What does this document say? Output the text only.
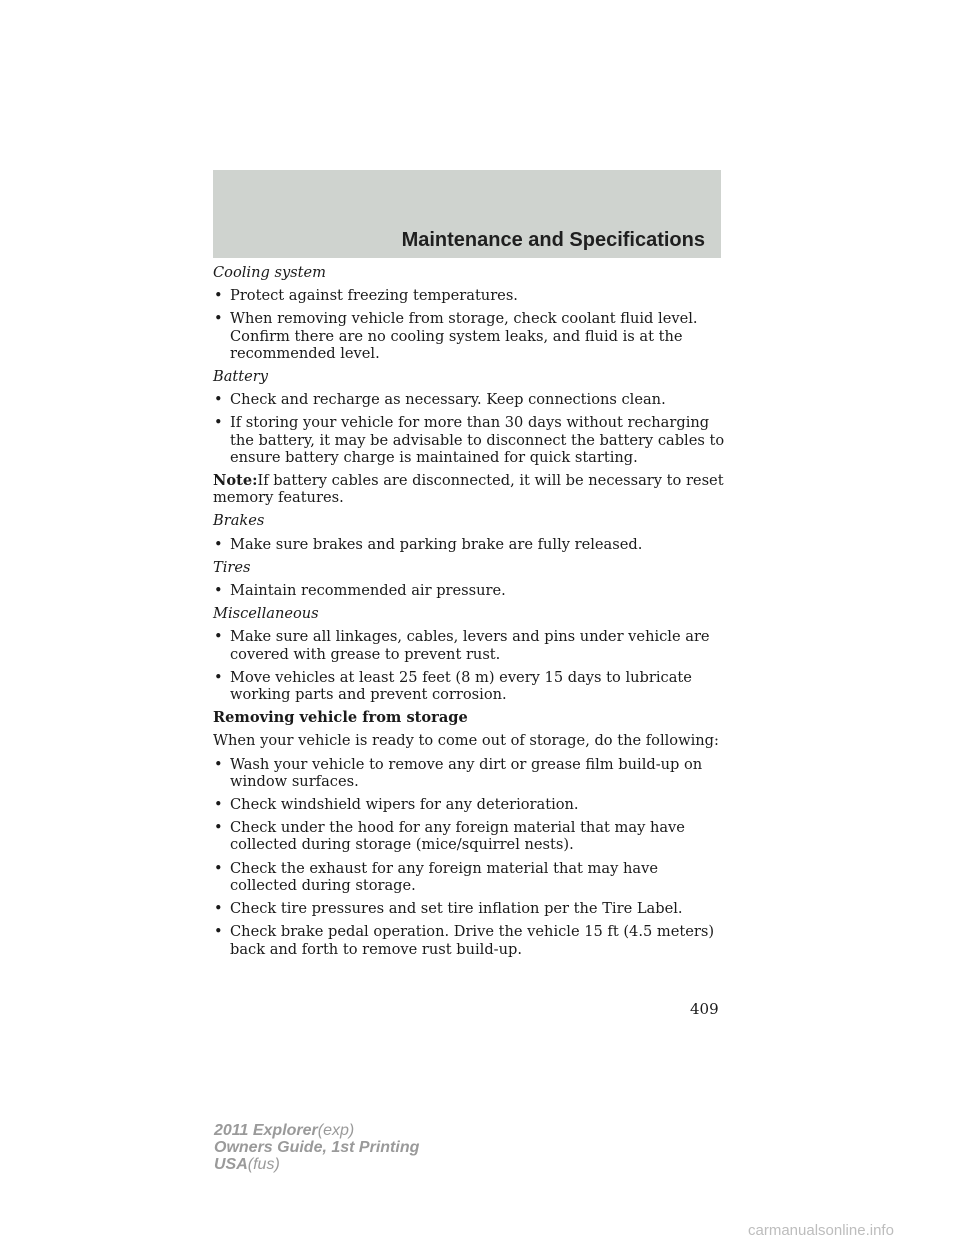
Maintenance and Specifications

Cooling system

• Protect against freezing temperatures.
• When removing vehicle from storage, check coolant fluid level. Confirm there are no cooling system leaks, and fluid is at the recommended level.

Battery

• Check and recharge as necessary. Keep connections clean.
• If storing your vehicle for more than 30 days without recharging the battery, it may be advisable to disconnect the battery cables to ensure battery charge is maintained for quick starting.

Note:If battery cables are disconnected, it will be necessary to reset memory features.

Brakes

• Make sure brakes and parking brake are fully released.

Tires

• Maintain recommended air pressure.

Miscellaneous

• Make sure all linkages, cables, levers and pins under vehicle are covered with grease to prevent rust.
• Move vehicles at least 25 feet (8 m) every 15 days to lubricate working parts and prevent corrosion.

Removing vehicle from storage

When your vehicle is ready to come out of storage, do the following:

• Wash your vehicle to remove any dirt or grease film build-up on window surfaces.
• Check windshield wipers for any deterioration.
• Check under the hood for any foreign material that may have collected during storage (mice/squirrel nests).
• Check the exhaust for any foreign material that may have collected during storage.
• Check tire pressures and set tire inflation per the Tire Label.
• Check brake pedal operation. Drive the vehicle 15 ft (4.5 meters) back and forth to remove rust build-up.
409
2011 Explorer(exp)
Owners Guide, 1st Printing
USA(fus)
carmanualsonline.info
